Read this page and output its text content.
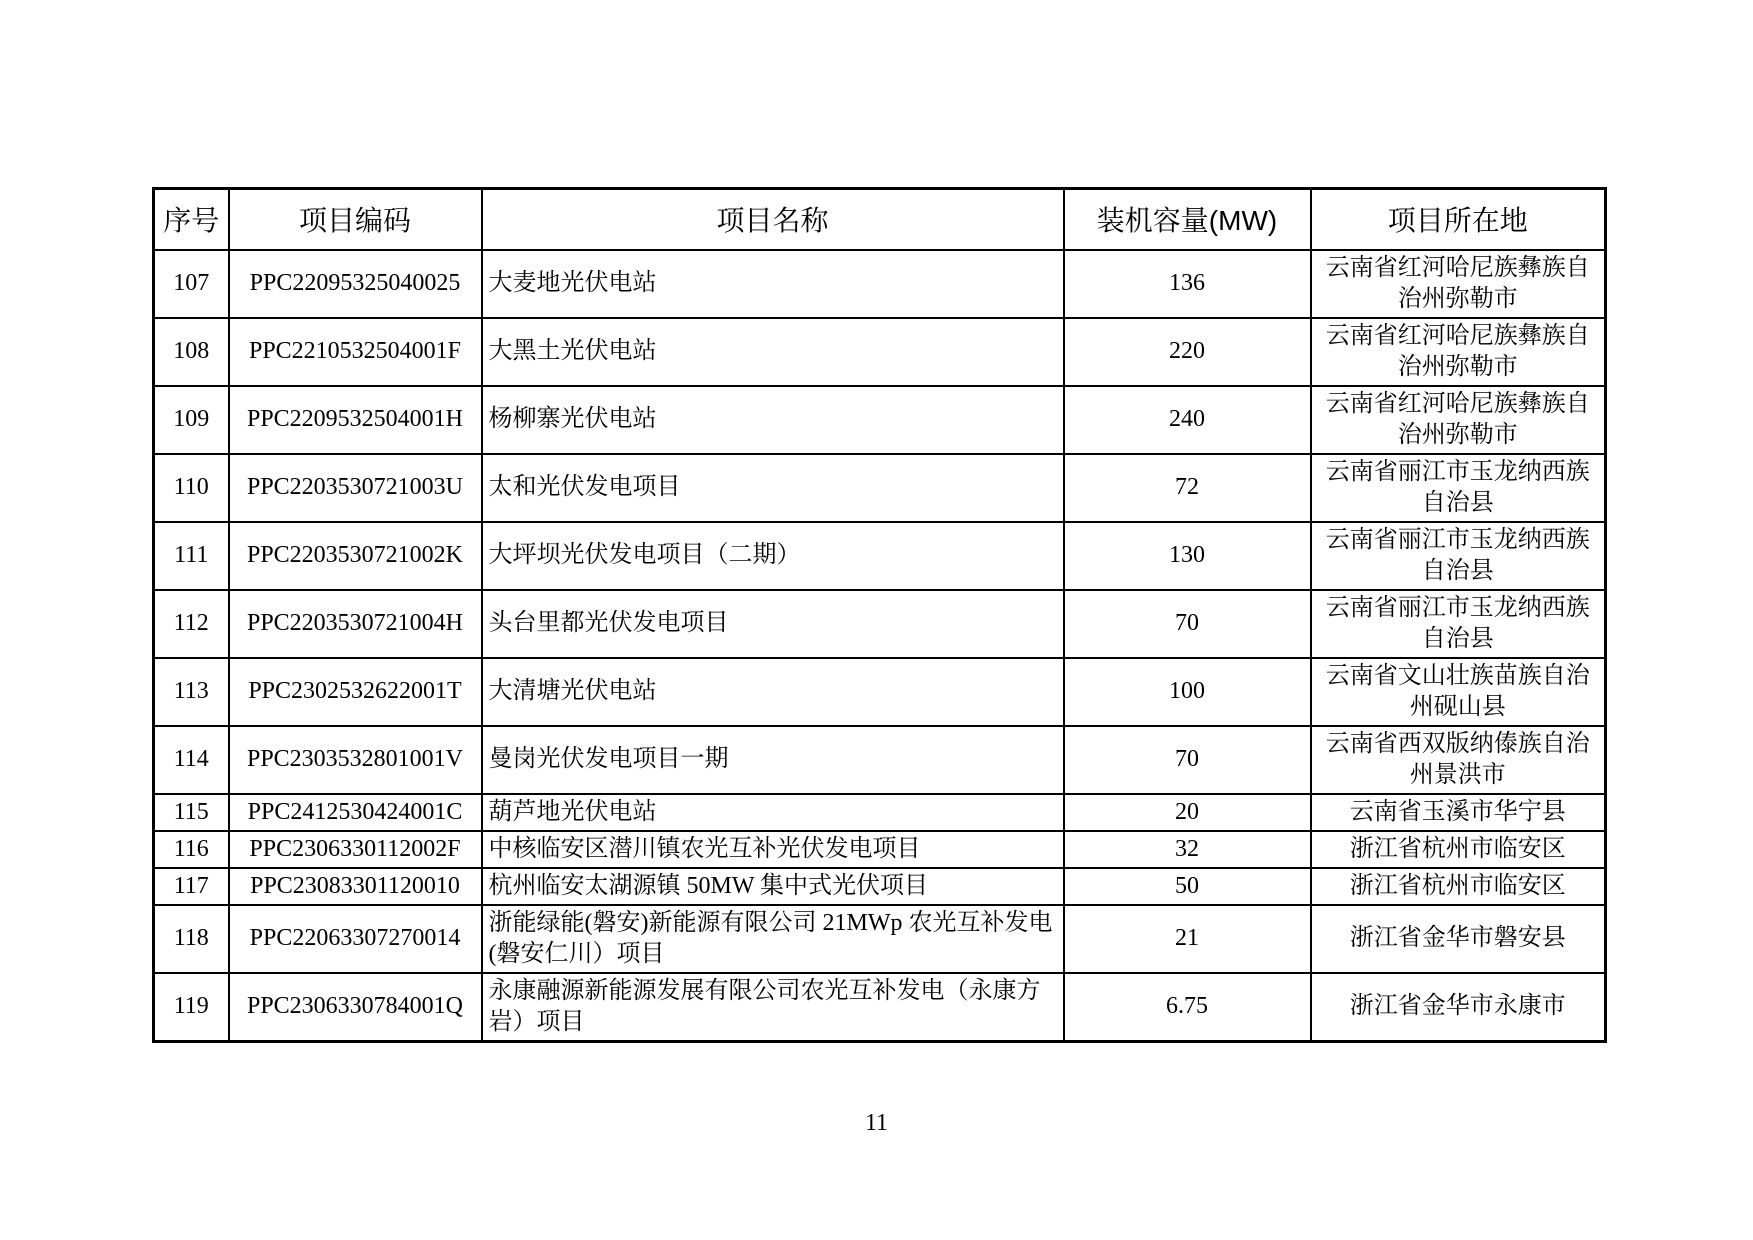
序号	项目编码	项目名称	装机容量(MW)	项目所在地
107	PPC22095325040025	大麦地光伏电站	136	云南省红河哈尼族彝族自治州弥勒市
108	PPC2210532504001F	大黑土光伏电站	220	云南省红河哈尼族彝族自治州弥勒市
109	PPC2209532504001H	杨柳寨光伏电站	240	云南省红河哈尼族彝族自治州弥勒市
110	PPC2203530721003U	太和光伏发电项目	72	云南省丽江市玉龙纳西族自治县
111	PPC2203530721002K	大坪坝光伏发电项目（二期）	130	云南省丽江市玉龙纳西族自治县
112	PPC2203530721004H	头台里都光伏发电项目	70	云南省丽江市玉龙纳西族自治县
113	PPC2302532622001T	大清塘光伏电站	100	云南省文山壮族苗族自治州砚山县
114	PPC2303532801001V	曼岗光伏发电项目一期	70	云南省西双版纳傣族自治州景洪市
115	PPC2412530424001C	葫芦地光伏电站	20	云南省玉溪市华宁县
116	PPC2306330112002F	中核临安区潜川镇农光互补光伏发电项目	32	浙江省杭州市临安区
117	PPC23083301120010	杭州临安太湖源镇 50MW 集中式光伏项目	50	浙江省杭州市临安区
118	PPC22063307270014	浙能绿能(磐安)新能源有限公司 21MWp 农光互补发电(磐安仁川）项目	21	浙江省金华市磐安县
119	PPC2306330784001Q	永康融源新能源发展有限公司农光互补发电（永康方岩）项目	6.75	浙江省金华市永康市
11
